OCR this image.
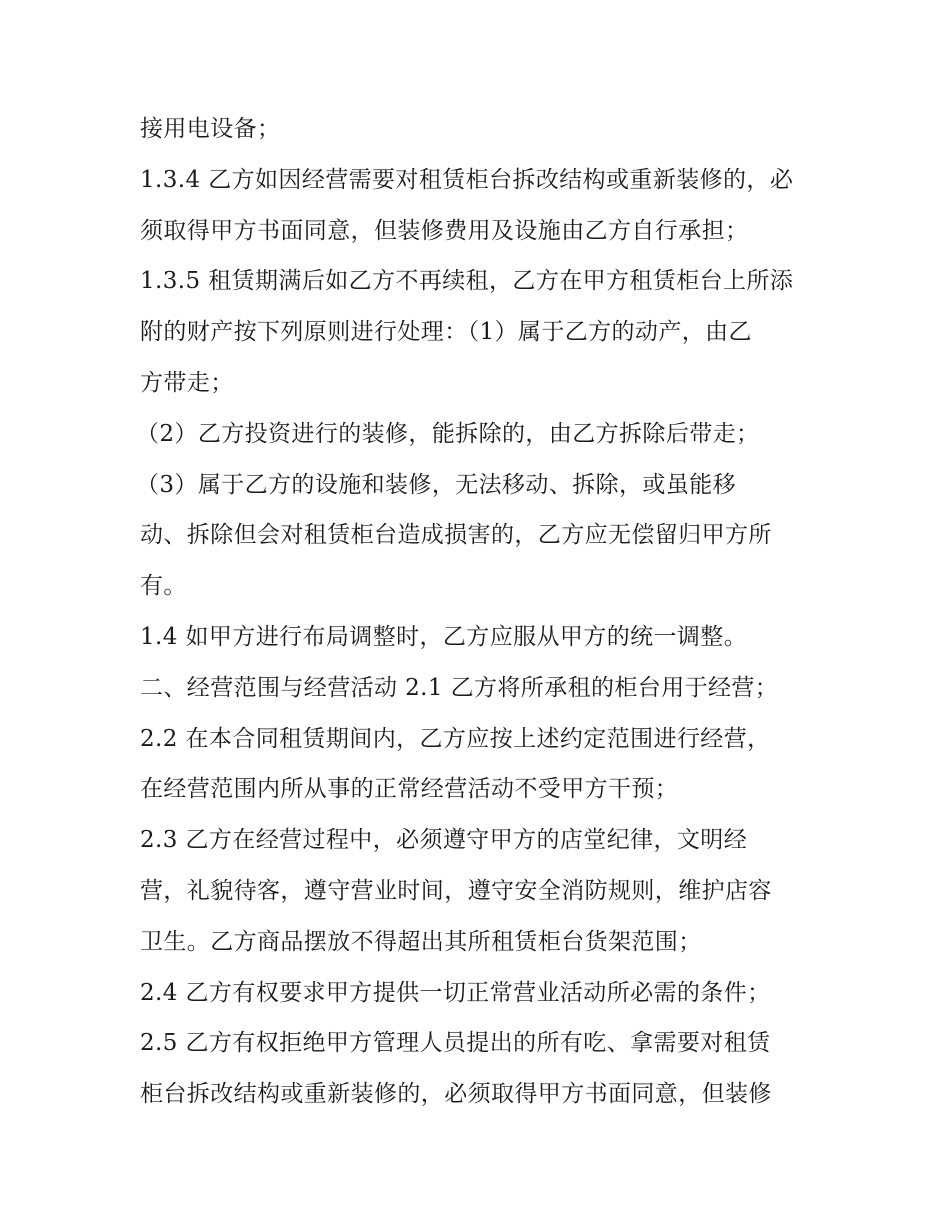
接用电设备；
1.3.4 乙方如因经营需要对租赁柜台拆改结构或重新装修的，必
须取得甲方书面同意，但装修费用及设施由乙方自行承担；
1.3.5 租赁期满后如乙方不再续租，乙方在甲方租赁柜台上所添
附的财产按下列原则进行处理：（1）属于乙方的动产，由乙
方带走；
（2）乙方投资进行的装修，能拆除的，由乙方拆除后带走；
（3）属于乙方的设施和装修，无法移动、拆除，或虽能移
动、拆除但会对租赁柜台造成损害的，乙方应无偿留归甲方所
有。
1.4 如甲方进行布局调整时，乙方应服从甲方的统一调整。
二、经营范围与经营活动 2.1 乙方将所承租的柜台用于经营；
2.2 在本合同租赁期间内，乙方应按上述约定范围进行经营，
在经营范围内所从事的正常经营活动不受甲方干预；
2.3 乙方在经营过程中，必须遵守甲方的店堂纪律，文明经
营，礼貌待客，遵守营业时间，遵守安全消防规则，维护店容
卫生。乙方商品摆放不得超出其所租赁柜台货架范围；
2.4 乙方有权要求甲方提供一切正常营业活动所必需的条件；
2.5 乙方有权拒绝甲方管理人员提出的所有吃、拿需要对租赁
柜台拆改结构或重新装修的，必须取得甲方书面同意，但装修
